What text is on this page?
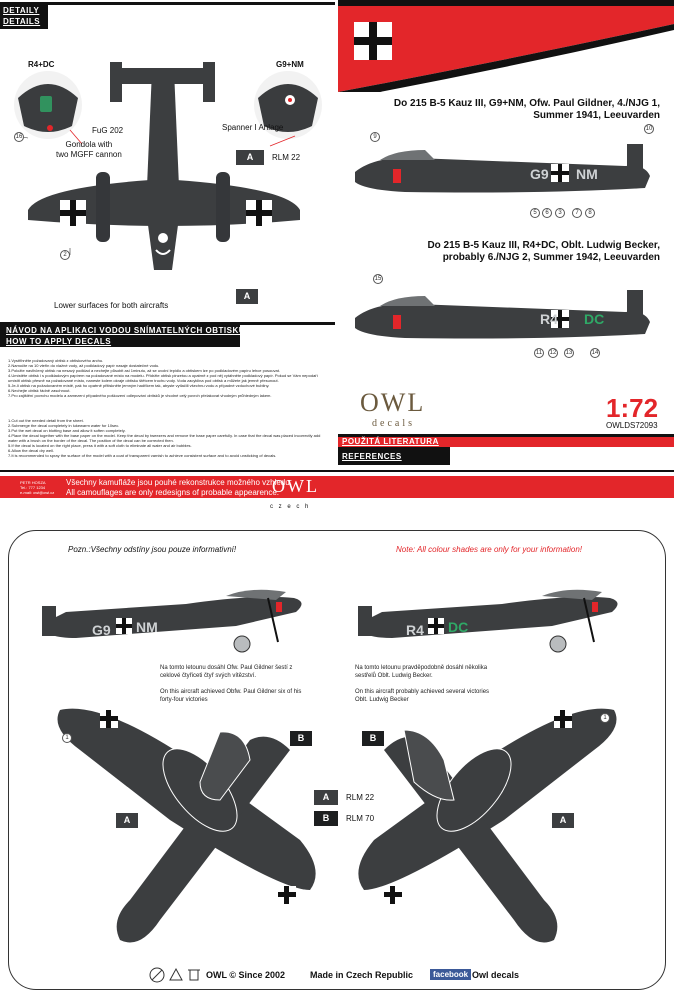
DETAILY
DETAILS
R4+DC	G9+NM
16
2
FuG 202
Gondola with
two MGFF cannon
Spanner I Anlage
A	RLM 22
A
Lower surfaces for both aircrafts
Do 215 B-5 Kauz III, G9+NM, Ofw. Paul Gildner, 4./NJG 1,
Summer 1941, Leeuvarden
G9 NM
9
10
5	6	3	7	8
Do 215 B-5 Kauz III, R4+DC, Oblt. Ludwig Becker,
probably 6./NJG 2, Summer 1942, Leeuvarden
R4 DC
15
11	12 13	14
NÁVOD NA APLIKACI VODOU SNÍMATELNÝCH OBTISKŮ
HOW TO APPLY DECALS
1.Vystřihněte požadovaný obtisk z obtiskového archu.
2.Namočte na 10 vteřin do vlažné vody, až podkladový papír nasaje dostatečné vodu.
3.Položte navlhčený obtisk na nesavý podklad a nechejte působit asi 1minutu, až se uvolní lepidlo a obtiskem lze po podkladovém papíru lehce posouvat.
4.Umístěte obtisk i s podkladovým papírem na požadované místo na modelu. Přidržte obtisk pinzetou a opatrně z pod něj vytáhněte podkladový papír. Pokud se Vám nepodaří umístit obtisk přesně na požadované místo, naneste kolem okraje obtisku štětcem trochu vody. Voda zacyklina pod obtisk a můžete jak jemně přesunout.
5.Je-li obtisk na požadovaném místě, pak ho opatrně přitiskněte jemným hadříkem tak, abyste vytlačili všechnu vodu a případné vzduchové bubliny.
6.Nechejte obtisk řádně zaschnout.
7.Pro zajištění povrchu modelu a zamezení případného poškození odlepování obtisků je vhodné celý povrch přelakovat vhodným průhledným lakem.
1.Cut out the needed detail from the sheet.
2.Submerge the decal completely in lukewarm water for 10sec.
3.Put the wet decal on blotting base and allow it soften completely.
4.Place the decal together with the base paper on the model. Keep the decal by tweezers and remove the base paper carefully. In case that the decal was placed incorrectly add water with a brush on the border of the decal. The position of the decal can be corrected then.
5.If the decal is located on the right place, press it with a soft cloth to eliminate all water and air bubbles.
6.Allow the decal dry well.
7.It is recommended to spray the surface of the model with a coat of transparent varnish to achieve consistent surface and to avoid unsticking of decals.
OWL
decals
1:72
OWLDS72093
POUŽITÁ LITERATURA
REFERENCES
PETR HOSZA
Tel.: 777 1234
e-mail: owl@owl.cz
Všechny kamufláže jsou pouhé rekonstrukce možného vzhledu.
All camouflages are only redesigns of probable appearence.
OWL
c z e c h
Pozn.:Všechny odstíny jsou pouze informativní!	Note: All colour shades are only for your information!
G9 NM	R4 DC
Na tomto letounu dosáhl Ofw. Paul Gildner šestí z
ceklové čtyřiceti čtyř svých vítězství.

On this aircraft achieved Obfw. Paul Gildner six of his
forty-four victories
Na tomto letounu pravděpodobně dosáhl několika
sestřelů Oblt. Ludwig Becker.

On this aircraft probably achieved several victories
Oblt. Ludwig Becker
1
1
B	B
A	A
A	RLM 22
B	RLM 70
OWL © Since 2002	Made in Czech Republic	facebook Owl decals
